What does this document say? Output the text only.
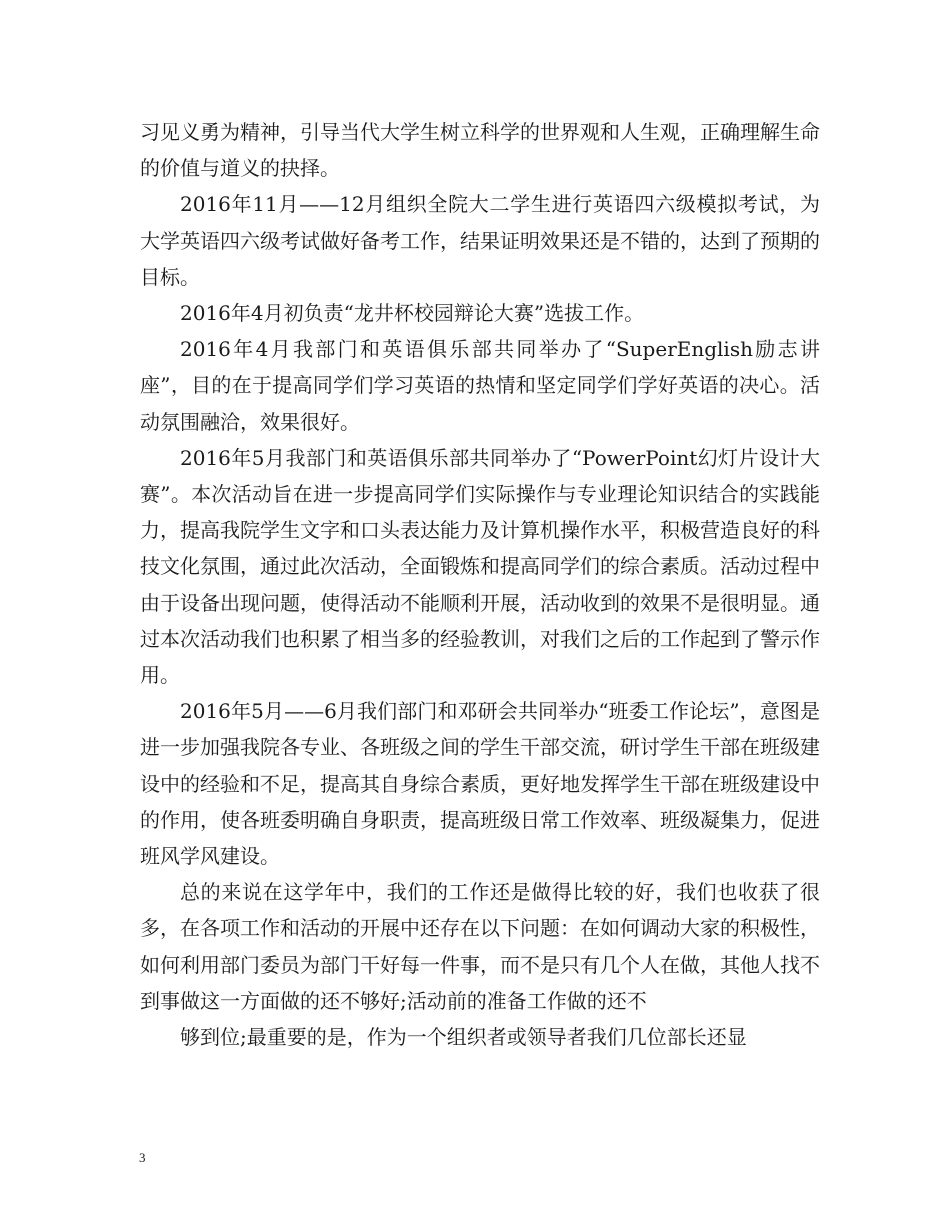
习见义勇为精神，引导当代大学生树立科学的世界观和人生观，正确理解生命的价值与道义的抉择。

2016年11月——12月组织全院大二学生进行英语四六级模拟考试，为大学英语四六级考试做好备考工作，结果证明效果还是不错的，达到了预期的目标。

2016年4月初负责“龙井杯校园辩论大赛”选拔工作。

2016年4月我部门和英语俱乐部共同举办了“SuperEnglish励志讲座”，目的在于提高同学们学习英语的热情和坚定同学们学好英语的决心。活动氛围融洽，效果很好。

2016年5月我部门和英语俱乐部共同举办了“PowerPoint幻灯片设计大赛”。本次活动旨在进一步提高同学们实际操作与专业理论知识结合的实践能力，提高我院学生文字和口头表达能力及计算机操作水平，积极营造良好的科技文化氛围，通过此次活动，全面锻炼和提高同学们的综合素质。活动过程中由于设备出现问题，使得活动不能顺利开展，活动收到的效果不是很明显。通过本次活动我们也积累了相当多的经验教训，对我们之后的工作起到了警示作用。

2016年5月——6月我们部门和邓研会共同举办“班委工作论坛”，意图是进一步加强我院各专业、各班级之间的学生干部交流，研讨学生干部在班级建设中的经验和不足，提高其自身综合素质，更好地发挥学生干部在班级建设中的作用，使各班委明确自身职责，提高班级日常工作效率、班级凝集力，促进班风学风建设。

总的来说在这学年中，我们的工作还是做得比较的好，我们也收获了很多，在各项工作和活动的开展中还存在以下问题：在如何调动大家的积极性，如何利用部门委员为部门干好每一件事，而不是只有几个人在做，其他人找不到事做这一方面做的还不够好;活动前的准备工作做的还不

够到位;最重要的是，作为一个组织者或领导者我们几位部长还显

3
